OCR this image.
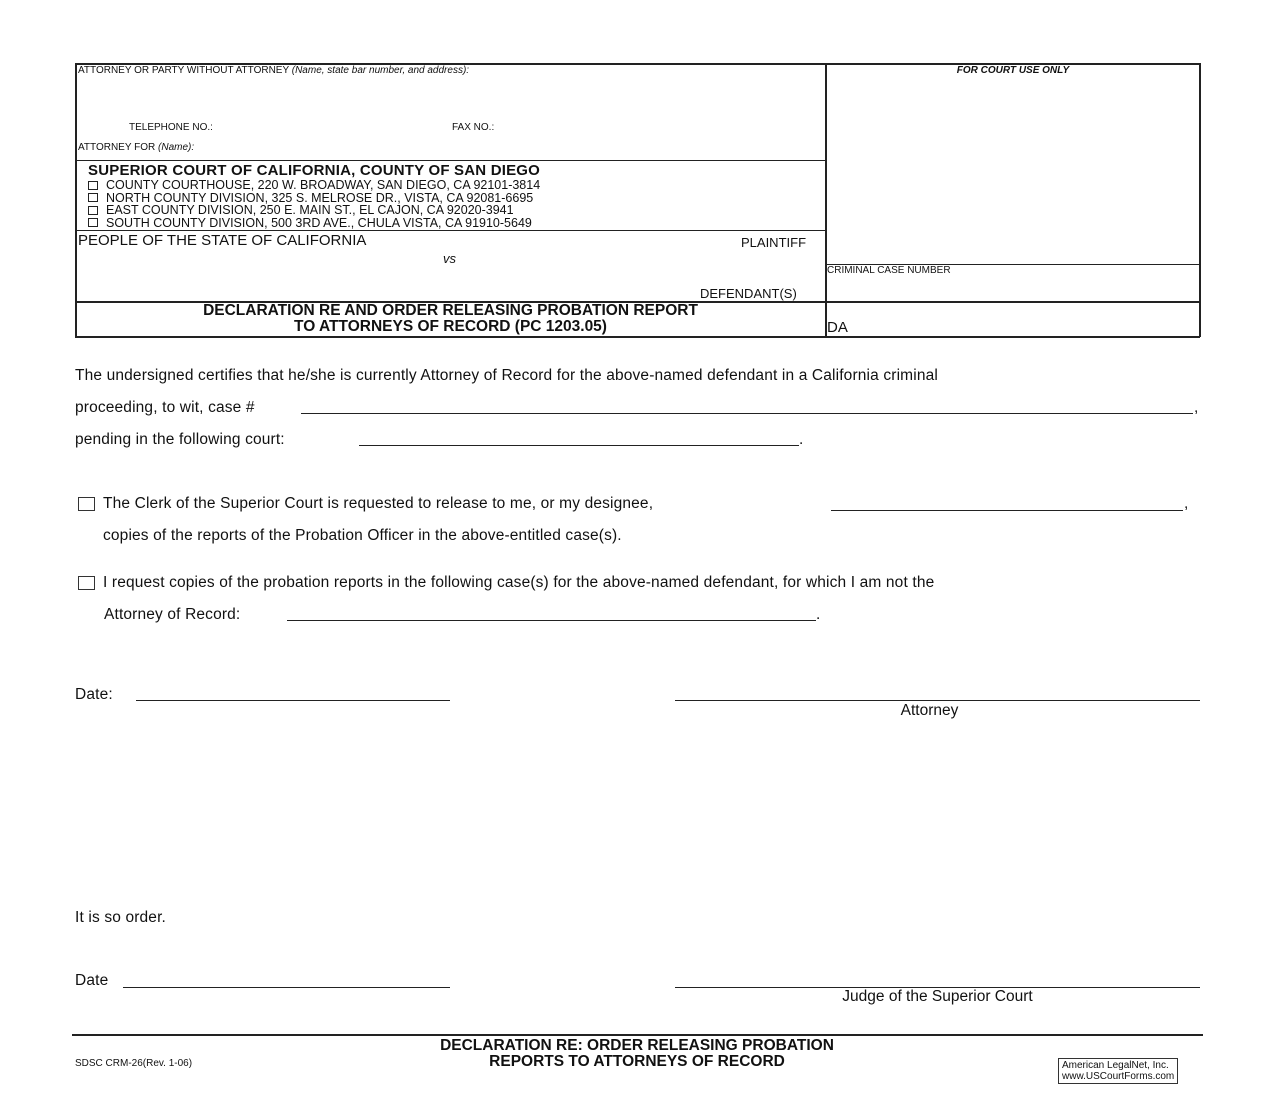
ATTORNEY OR PARTY WITHOUT ATTORNEY (Name, state bar number, and address):	FOR COURT USE ONLY
TELEPHONE NO.:	FAX NO.:
ATTORNEY FOR (Name):
SUPERIOR COURT OF CALIFORNIA, COUNTY OF SAN DIEGO
COUNTY COURTHOUSE, 220 W. BROADWAY, SAN DIEGO, CA 92101-3814
NORTH COUNTY DIVISION, 325 S. MELROSE DR., VISTA, CA 92081-6695
EAST COUNTY DIVISION, 250 E. MAIN ST., EL CAJON, CA 92020-3941
SOUTH COUNTY DIVISION, 500 3RD AVE., CHULA VISTA, CA 91910-5649
PEOPLE OF THE STATE OF CALIFORNIA	PLAINTIFF
vs
DEFENDANT(S)
CRIMINAL CASE NUMBER
DECLARATION RE AND ORDER RELEASING PROBATION REPORT
TO ATTORNEYS OF RECORD (PC 1203.05)	DA
The undersigned certifies that he/she is currently Attorney of Record for the above-named defendant in a California criminal
proceeding, to wit, case #	,
pending in the following court:	.
The Clerk of the Superior Court is requested to release to me, or my designee,	,
copies of the reports of the Probation Officer in the above-entitled case(s).
I request copies of the probation reports in the following case(s) for the above-named defendant, for which I am not the
Attorney of Record:	.
Date:
Attorney
It is so order.
Date
Judge of the Superior Court
SDSC CRM-26(Rev. 1-06)
DECLARATION RE: ORDER RELEASING PROBATION
REPORTS TO ATTORNEYS OF RECORD	American LegalNet, Inc.
www.USCourtForms.com
